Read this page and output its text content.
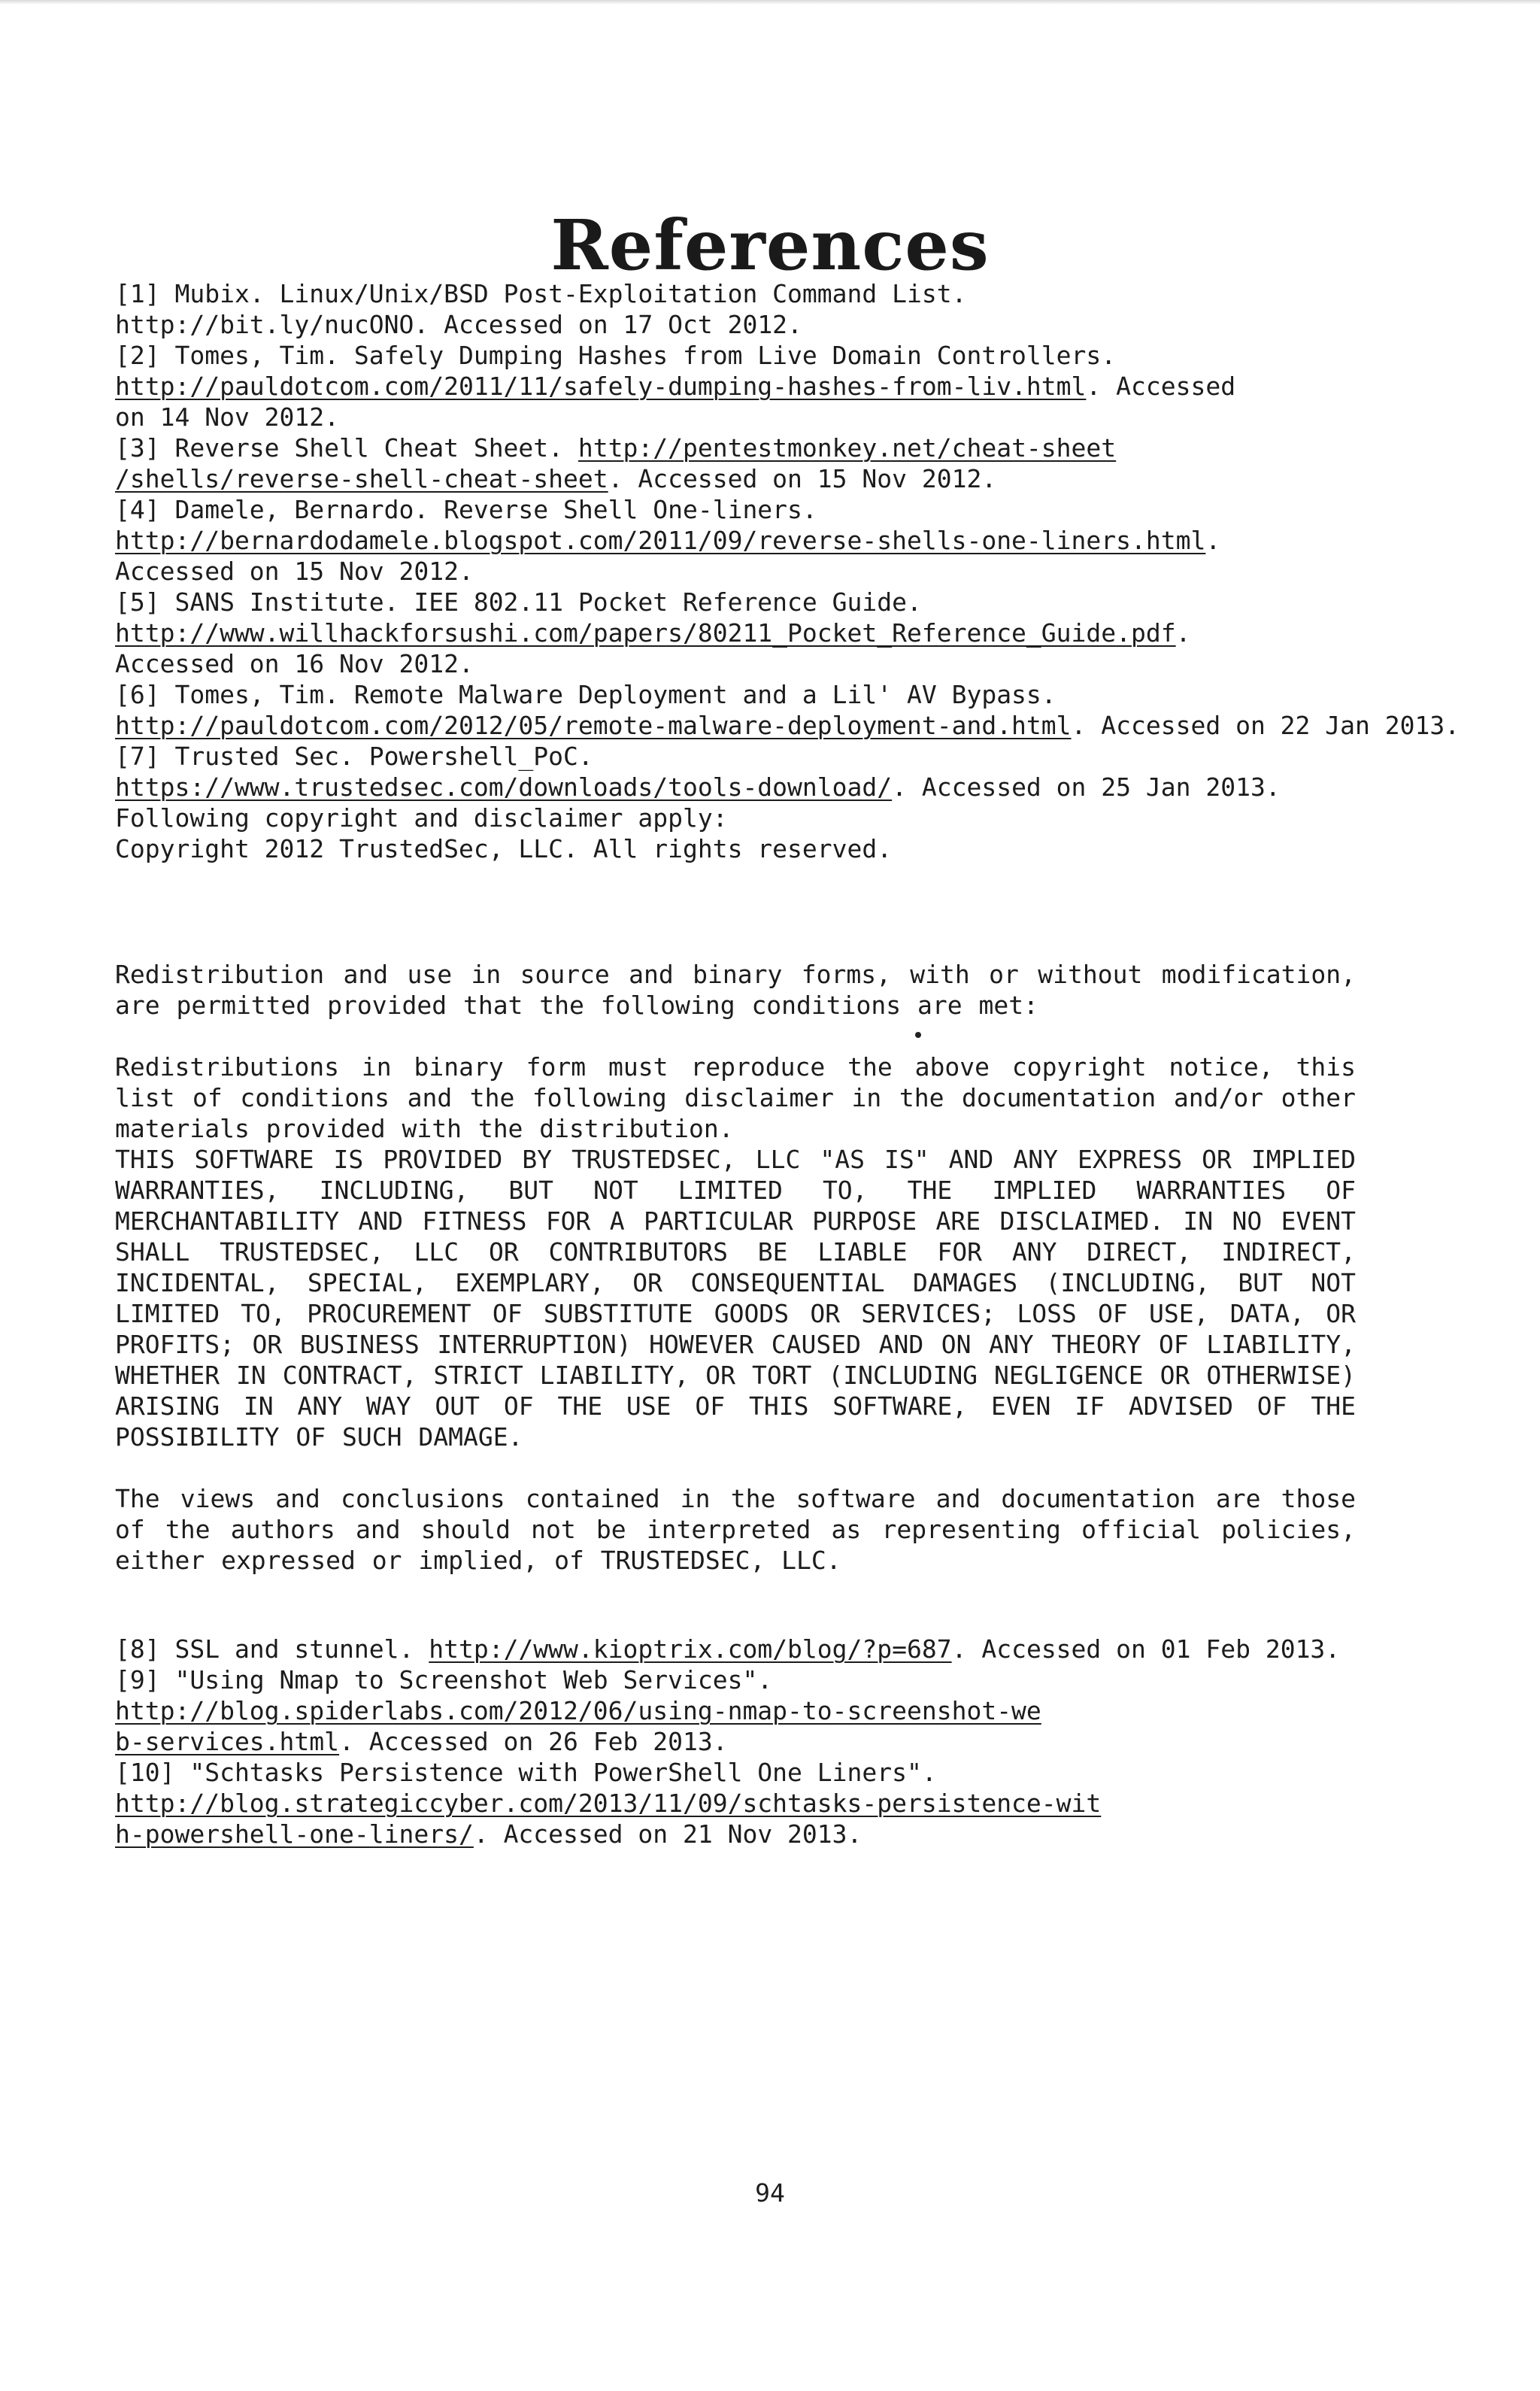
References
[1] Mubix. Linux/Unix/BSD Post-Exploitation Command List.
http://bit.ly/nucONO. Accessed on 17 Oct 2012.
[2] Tomes, Tim. Safely Dumping Hashes from Live Domain Controllers.
http://pauldotcom.com/2011/11/safely-dumping-hashes-from-liv.html. Accessed
on 14 Nov 2012.
[3] Reverse Shell Cheat Sheet. http://pentestmonkey.net/cheat-sheet
/shells/reverse-shell-cheat-sheet. Accessed on 15 Nov 2012.
[4] Damele, Bernardo. Reverse Shell One-liners.
http://bernardodamele.blogspot.com/2011/09/reverse-shells-one-liners.html.
Accessed on 15 Nov 2012.
[5] SANS Institute. IEE 802.11 Pocket Reference Guide.
http://www.willhackforsushi.com/papers/80211_Pocket_Reference_Guide.pdf.
Accessed on 16 Nov 2012.
[6] Tomes, Tim. Remote Malware Deployment and a Lil' AV Bypass.
http://pauldotcom.com/2012/05/remote-malware-deployment-and.html. Accessed on 22 Jan 2013.
[7] Trusted Sec. Powershell_PoC.
https://www.trustedsec.com/downloads/tools-download/. Accessed on 25 Jan 2013.
Following copyright and disclaimer apply:
Copyright 2012 TrustedSec, LLC. All rights reserved.
Redistribution and use in source and binary forms, with or without modification, are permitted provided that the following conditions are met:
Redistributions in binary form must reproduce the above copyright notice, this list of conditions and the following disclaimer in the documentation and/or other materials provided with the distribution.
THIS SOFTWARE IS PROVIDED BY TRUSTEDSEC, LLC "AS IS" AND ANY EXPRESS OR IMPLIED WARRANTIES, INCLUDING, BUT NOT LIMITED TO, THE IMPLIED WARRANTIES OF MERCHANTABILITY AND FITNESS FOR A PARTICULAR PURPOSE ARE DISCLAIMED. IN NO EVENT SHALL TRUSTEDSEC, LLC OR CONTRIBUTORS BE LIABLE FOR ANY DIRECT, INDIRECT, INCIDENTAL, SPECIAL, EXEMPLARY, OR CONSEQUENTIAL DAMAGES (INCLUDING, BUT NOT LIMITED TO, PROCUREMENT OF SUBSTITUTE GOODS OR SERVICES; LOSS OF USE, DATA, OR PROFITS; OR BUSINESS INTERRUPTION) HOWEVER CAUSED AND ON ANY THEORY OF LIABILITY, WHETHER IN CONTRACT, STRICT LIABILITY, OR TORT (INCLUDING NEGLIGENCE OR OTHERWISE) ARISING IN ANY WAY OUT OF THE USE OF THIS SOFTWARE, EVEN IF ADVISED OF THE POSSIBILITY OF SUCH DAMAGE.
The views and conclusions contained in the software and documentation are those of the authors and should not be interpreted as representing official policies, either expressed or implied, of TRUSTEDSEC, LLC.
[8] SSL and stunnel. http://www.kioptrix.com/blog/?p=687. Accessed on 01 Feb 2013.
[9] "Using Nmap to Screenshot Web Services".
http://blog.spiderlabs.com/2012/06/using-nmap-to-screenshot-we
b-services.html. Accessed on 26 Feb 2013.
[10] "Schtasks Persistence with PowerShell One Liners".
http://blog.strategiccyber.com/2013/11/09/schtasks-persistence-wit
h-powershell-one-liners/. Accessed on 21 Nov 2013.
94
